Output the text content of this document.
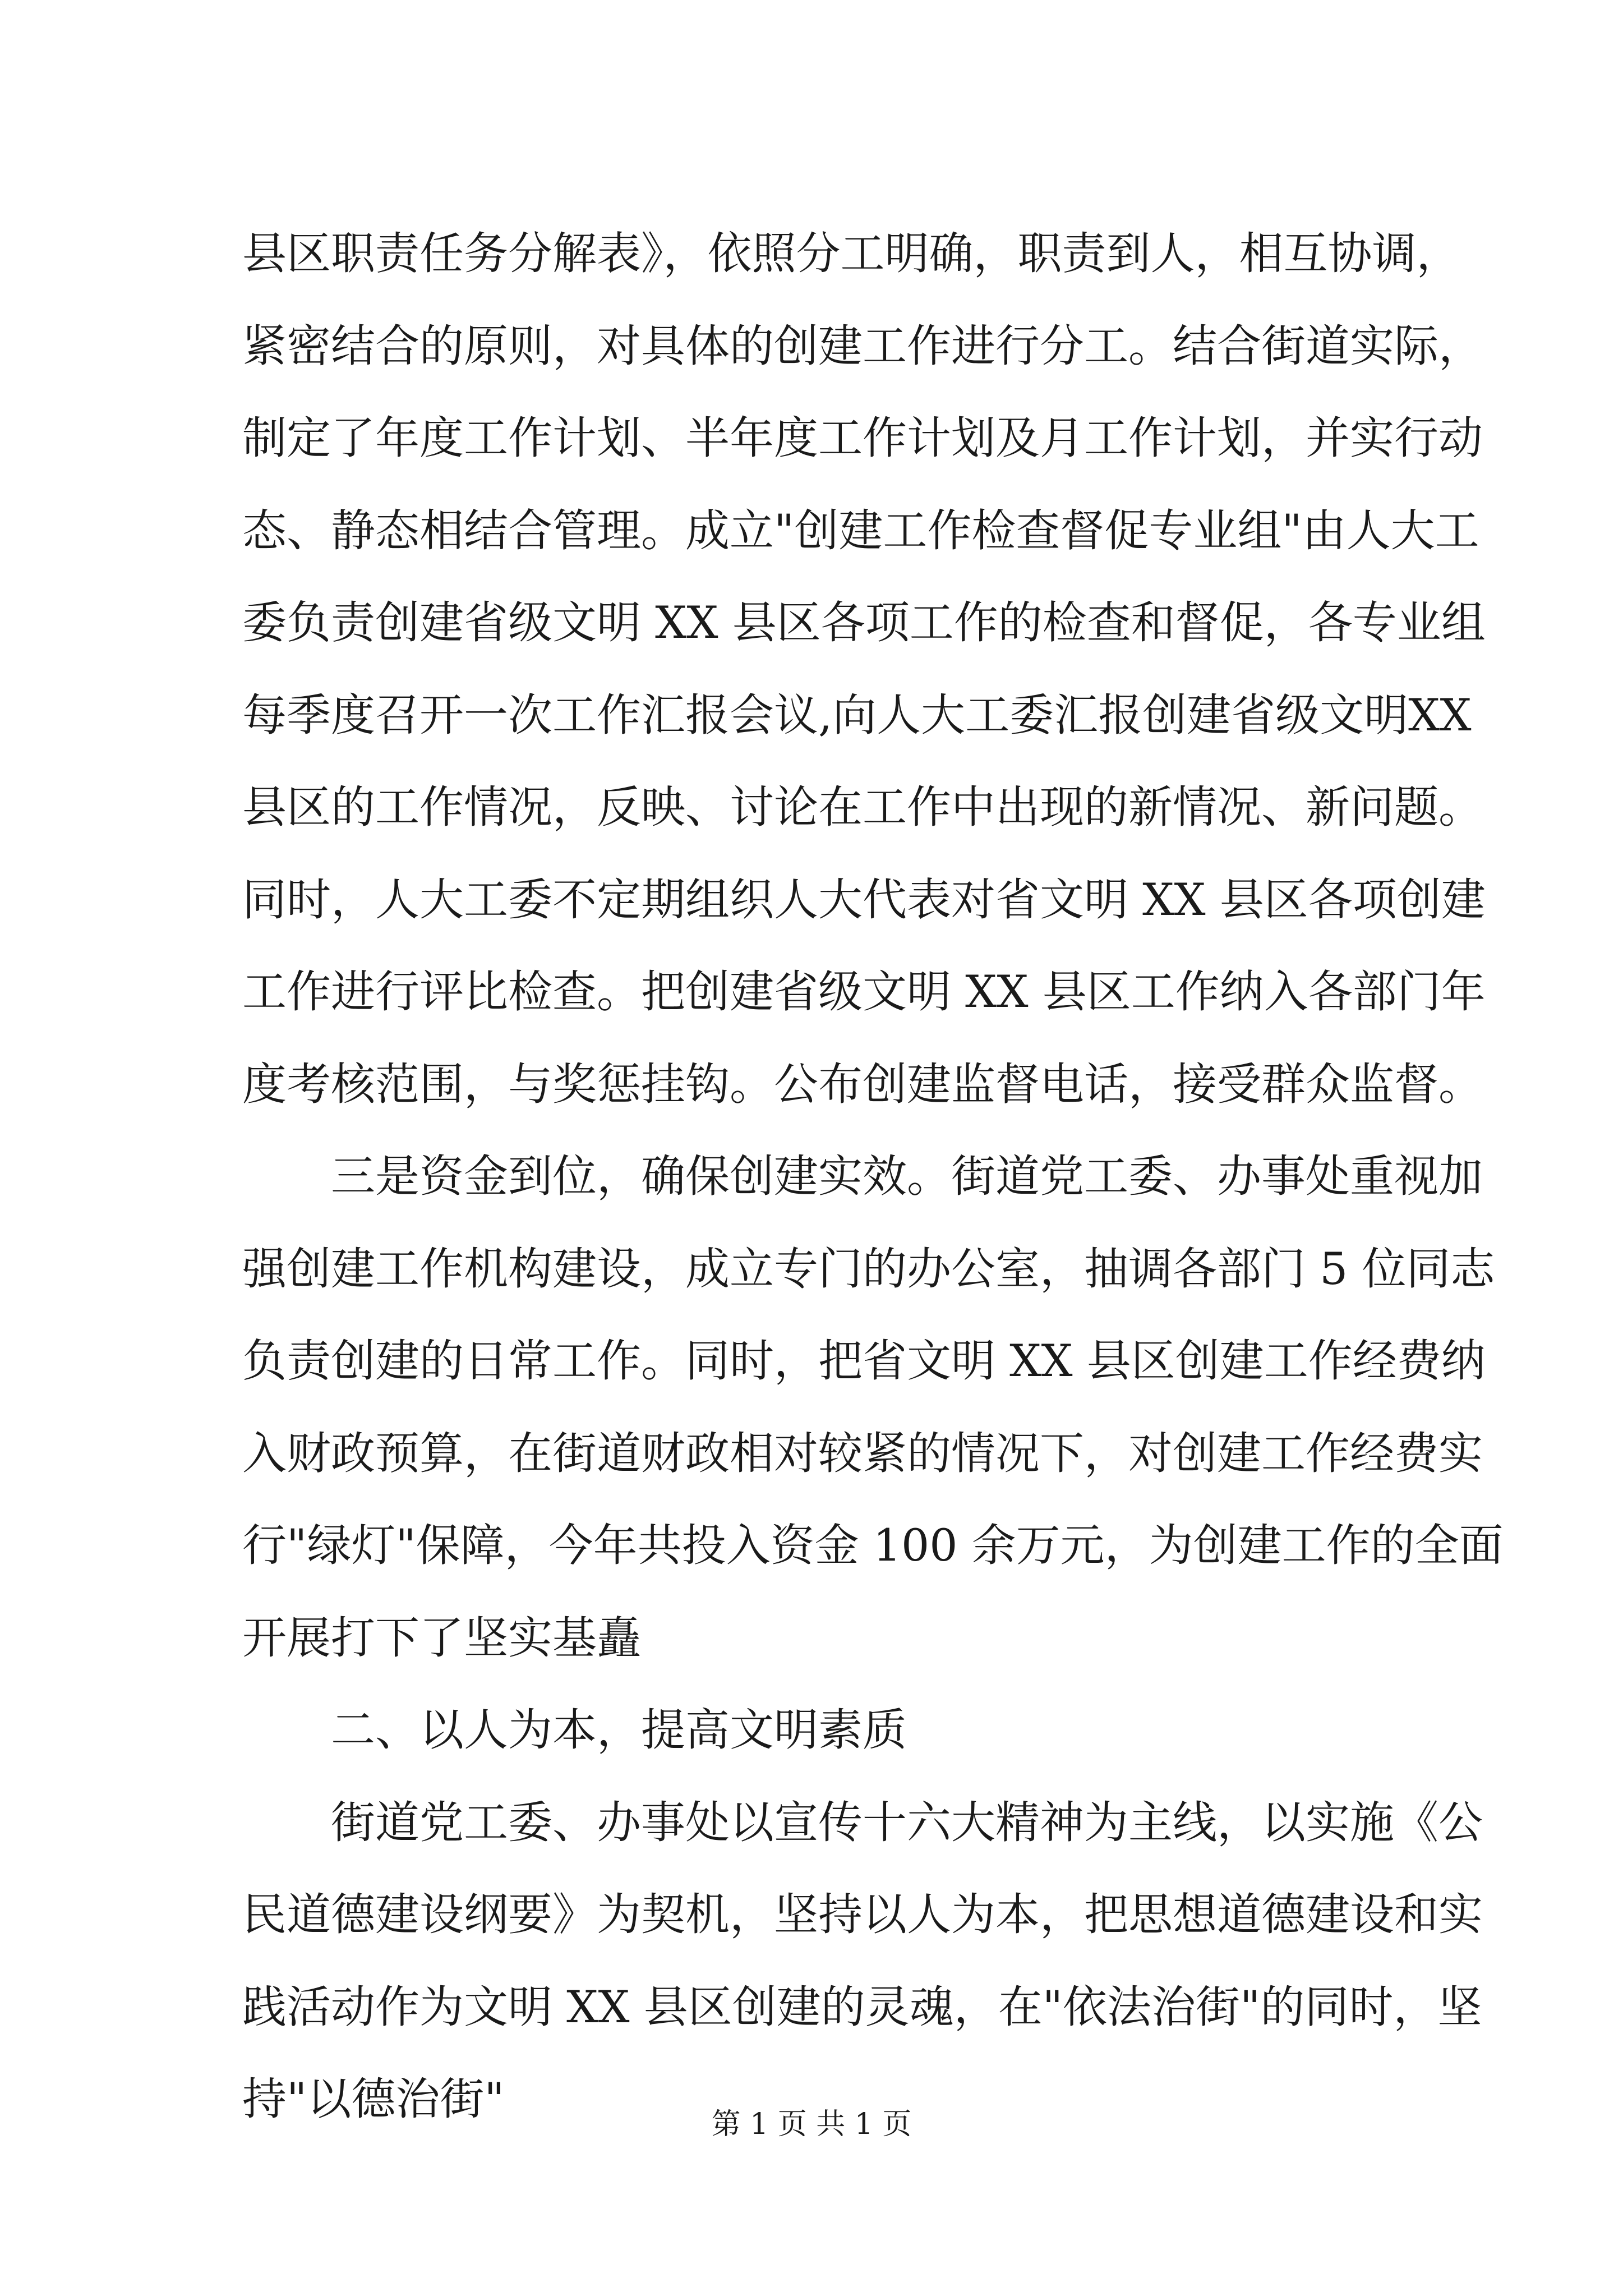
县区职责任务分解表》，依照分工明确，职责到人，相互协调，
紧密结合的原则，对具体的创建工作进行分工。结合街道实际，
制定了年度工作计划、半年度工作计划及月工作计划，并实行动
态、静态相结合管理。成立"创建工作检查督促专业组"由人大工
委负责创建省级文明 XX 县区各项工作的检查和督促，各专业组
每季度召开一次工作汇报会议,向人大工委汇报创建省级文明XX
县区的工作情况，反映、讨论在工作中出现的新情况、新问题。
同时，人大工委不定期组织人大代表对省文明 XX 县区各项创建
工作进行评比检查。把创建省级文明 XX 县区工作纳入各部门年
度考核范围，与奖惩挂钩。公布创建监督电话，接受群众监督。
三是资金到位，确保创建实效。街道党工委、办事处重视加
强创建工作机构建设，成立专门的办公室，抽调各部门 5 位同志
负责创建的日常工作。同时，把省文明 XX 县区创建工作经费纳
入财政预算，在街道财政相对较紧的情况下，对创建工作经费实
行"绿灯"保障，今年共投入资金 100 余万元，为创建工作的全面
开展打下了坚实基矗
二、以人为本，提高文明素质
街道党工委、办事处以宣传十六大精神为主线，以实施《公
民道德建设纲要》为契机，坚持以人为本，把思想道德建设和实
践活动作为文明 XX 县区创建的灵魂，在"依法治街"的同时，坚
持"以德治街"	第 1 页 共 1 页
